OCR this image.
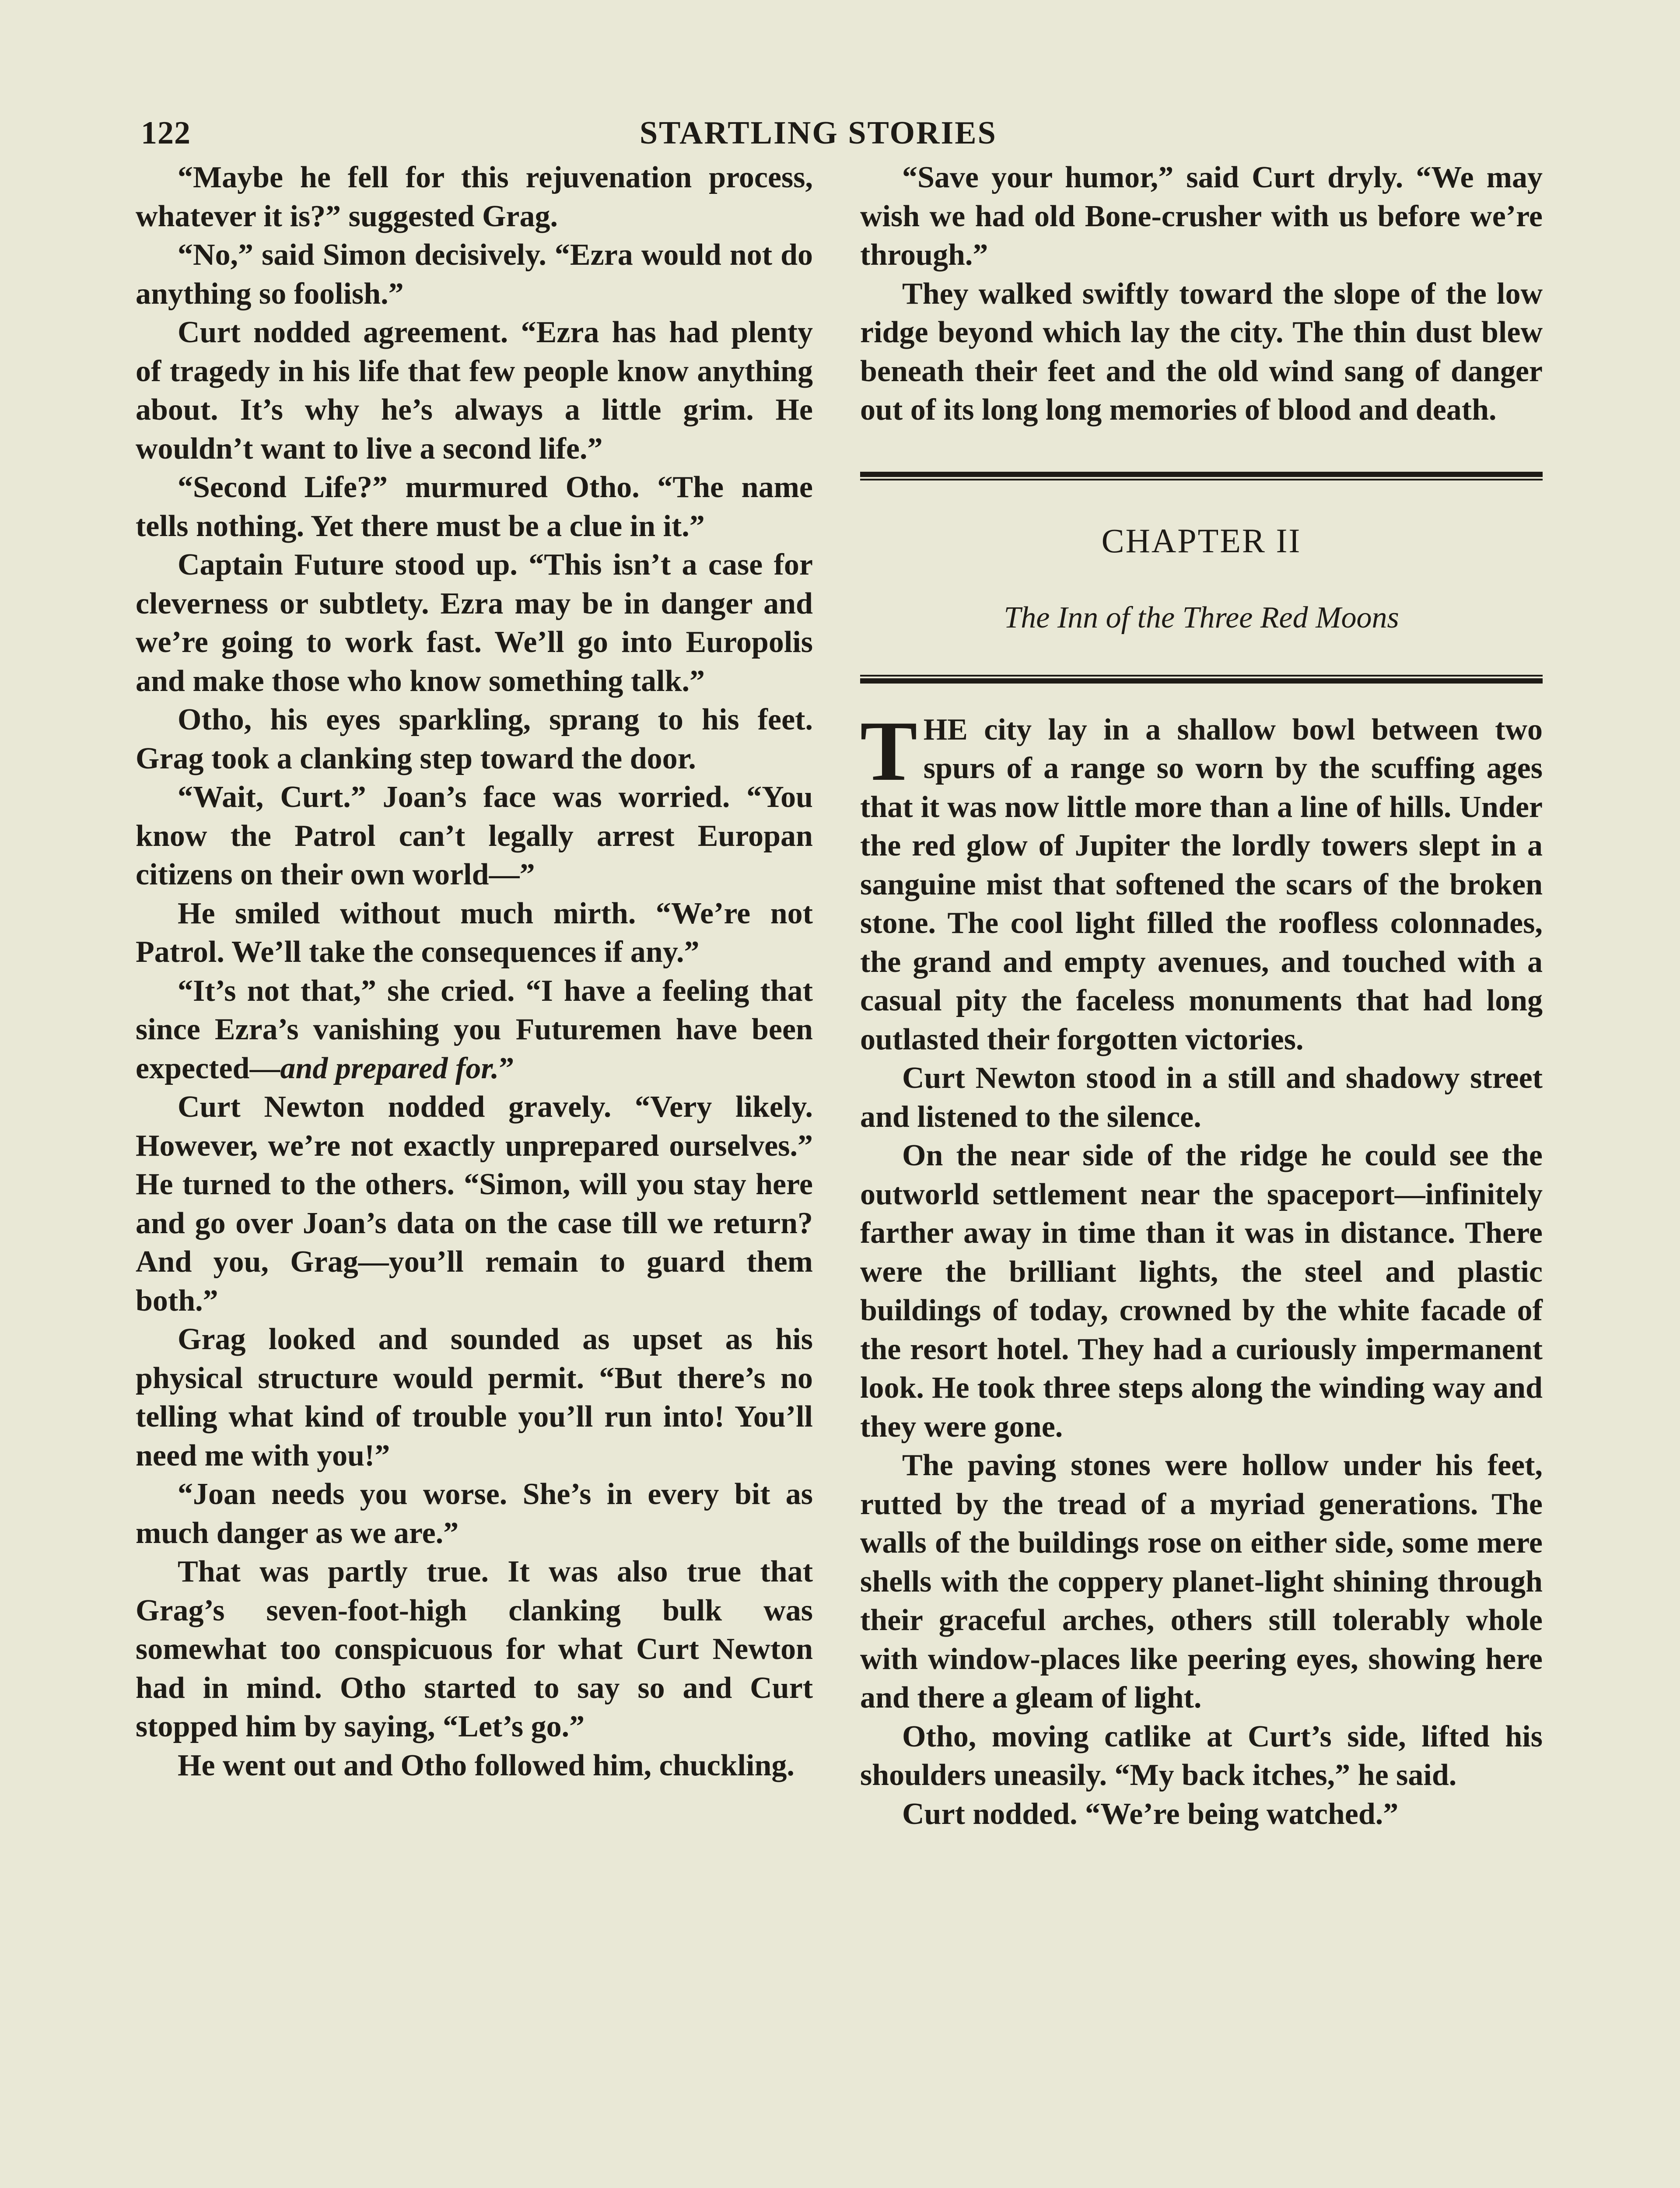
122	STARTLING STORIES

“Maybe he fell for this rejuvenation process, whatever it is?” suggested Grag.

“No,” said Simon decisively. “Ezra would not do anything so foolish.”

Curt nodded agreement. “Ezra has had plenty of tragedy in his life that few people know anything about. It’s why he’s always a little grim. He wouldn’t want to live a second life.”

“Second Life?” murmured Otho. “The name tells nothing. Yet there must be a clue in it.”

Captain Future stood up. “This isn’t a case for cleverness or subtlety. Ezra may be in danger and we’re going to work fast. We’ll go into Europolis and make those who know something talk.”

Otho, his eyes sparkling, sprang to his feet. Grag took a clanking step toward the door.

“Wait, Curt.” Joan’s face was worried. “You know the Patrol can’t legally arrest Europan citizens on their own world—”

He smiled without much mirth. “We’re not Patrol. We’ll take the consequences if any.”

“It’s not that,” she cried. “I have a feeling that since Ezra’s vanishing you Futuremen have been expected—and prepared for.”

Curt Newton nodded gravely. “Very likely. However, we’re not exactly unprepared ourselves.” He turned to the others. “Simon, will you stay here and go over Joan’s data on the case till we return? And you, Grag—you’ll remain to guard them both.”

Grag looked and sounded as upset as his physical structure would permit. “But there’s no telling what kind of trouble you’ll run into! You’ll need me with you!”

“Joan needs you worse. She’s in every bit as much danger as we are.”

That was partly true. It was also true that Grag’s seven-foot-high clanking bulk was somewhat too conspicuous for what Curt Newton had in mind. Otho started to say so and Curt stopped him by saying, “Let’s go.”

He went out and Otho followed him, chuckling.

“Save your humor,” said Curt dryly. “We may wish we had old Bone-crusher with us before we’re through.”

They walked swiftly toward the slope of the low ridge beyond which lay the city. The thin dust blew beneath their feet and the old wind sang of danger out of its long long memories of blood and death.

CHAPTER II
The Inn of the Three Red Moons

THE city lay in a shallow bowl between two spurs of a range so worn by the scuffing ages that it was now little more than a line of hills. Under the red glow of Jupiter the lordly towers slept in a sanguine mist that softened the scars of the broken stone. The cool light filled the roofless colonnades, the grand and empty avenues, and touched with a casual pity the faceless monuments that had long outlasted their forgotten victories.

Curt Newton stood in a still and shadowy street and listened to the silence.

On the near side of the ridge he could see the outworld settlement near the spaceport—infinitely farther away in time than it was in distance. There were the brilliant lights, the steel and plastic buildings of today, crowned by the white facade of the resort hotel. They had a curiously impermanent look. He took three steps along the winding way and they were gone.

The paving stones were hollow under his feet, rutted by the tread of a myriad generations. The walls of the buildings rose on either side, some mere shells with the coppery planet-light shining through their graceful arches, others still tolerably whole with window-places like peering eyes, showing here and there a gleam of light.

Otho, moving catlike at Curt’s side, lifted his shoulders uneasily. “My back itches,” he said.

Curt nodded. “We’re being watched.”
